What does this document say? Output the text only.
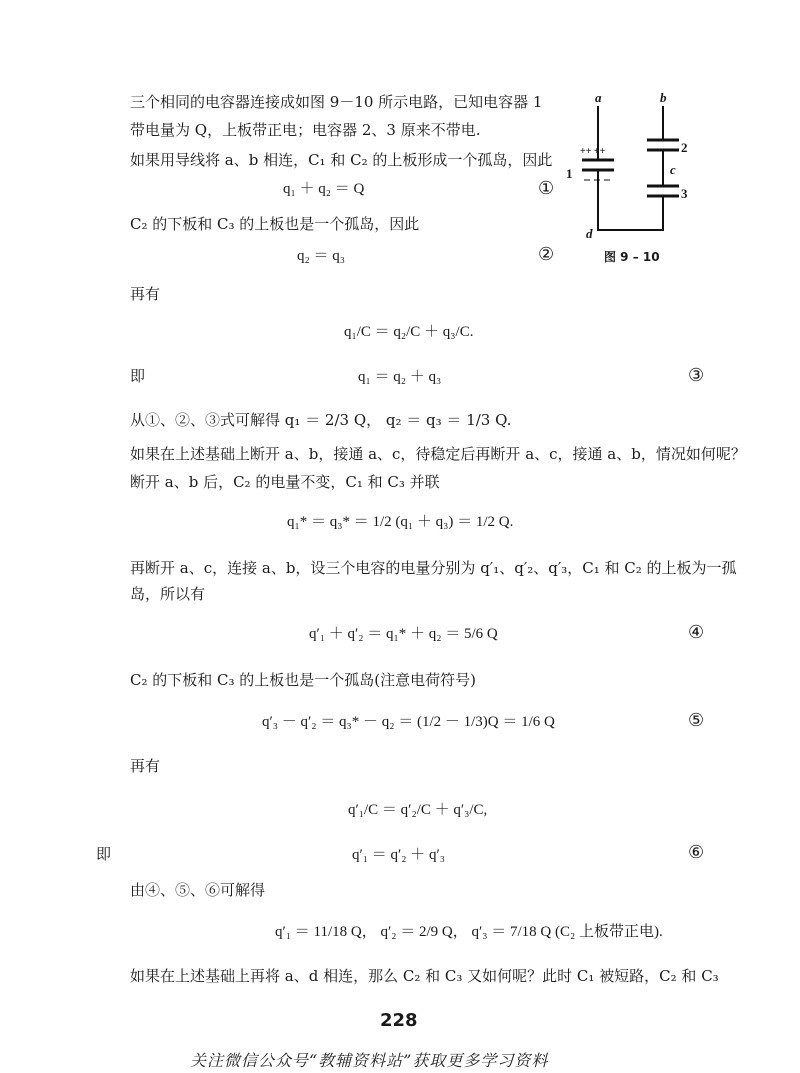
三个相同的电容器连接成如图 9－10 所示电路，已知电容器 1
带电量为 Q，上板带正电；电容器 2、3 原来不带电.
如果用导线将 a、b 相连，C₁ 和 C₂ 的上板形成一个孤岛，因此
q₁ ＋ q₂ ＝ Q	①
C₂ 的下板和 C₃ 的上板也是一个孤岛，因此
q₂ ＝ q₃	②
a	b
c
d
1
2
3
++ ++
图 9 – 10
再有
q₁/C ＝ q₂/C ＋ q₃/C.
即	q₁ ＝ q₂ ＋ q₃	③
从①、②、③式可解得 q₁ ＝ 2/3 Q， q₂ ＝ q₃ ＝ 1/3 Q.
如果在上述基础上断开 a、b，接通 a、c，待稳定后再断开 a、c，接通 a、b，情况如何呢？
断开 a、b 后，C₂ 的电量不变，C₁ 和 C₃ 并联
q₁* ＝ q₃* ＝ 1/2 (q₁ ＋ q₃) ＝ 1/2 Q.
再断开 a、c，连接 a、b，设三个电容的电量分别为 q′₁、q′₂、q′₃，C₁ 和 C₂ 的上板为一孤
岛，所以有
q′₁ ＋ q′₂ ＝ q₁* ＋ q₂ ＝ 5/6 Q	④
C₂ 的下板和 C₃ 的上板也是一个孤岛(注意电荷符号)
q′₃ － q′₂ ＝ q₃* － q₂ ＝ (1/2 － 1/3)Q ＝ 1/6 Q	⑤
再有
q′₁/C ＝ q′₂/C ＋ q′₃/C,
即	q′₁ ＝ q′₂ ＋ q′₃	⑥
由④、⑤、⑥可解得
q′₁ ＝ 11/18 Q， q′₂ ＝ 2/9 Q， q′₃ ＝ 7/18 Q (C₂ 上板带正电).
如果在上述基础上再将 a、d 相连，那么 C₂ 和 C₃ 又如何呢？此时 C₁ 被短路，C₂ 和 C₃
228
关注微信公众号“教辅资料站”获取更多学习资料
